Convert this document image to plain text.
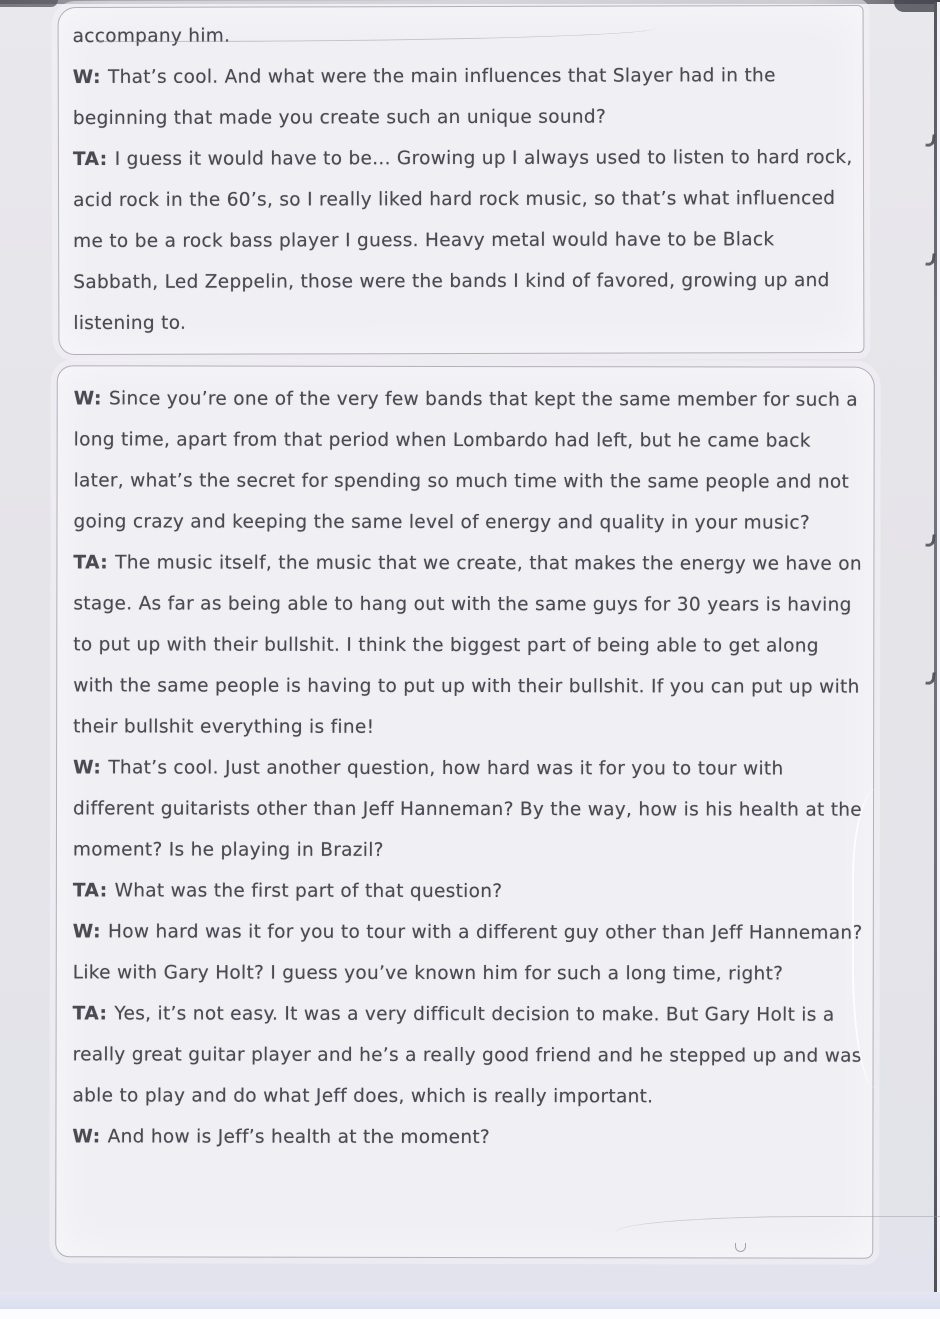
accompany him.

W: That’s cool. And what were the main influences that Slayer had in the beginning that made you create such an unique sound?

TA: I guess it would have to be... Growing up I always used to listen to hard rock, acid rock in the 60’s, so I really liked hard rock music, so that’s what influenced me to be a rock bass player I guess. Heavy metal would have to be Black Sabbath, Led Zeppelin, those were the bands I kind of favored, growing up and listening to.

W: Since you’re one of the very few bands that kept the same member for such a long time, apart from that period when Lombardo had left, but he came back later, what’s the secret for spending so much time with the same people and not going crazy and keeping the same level of energy and quality in your music?

TA: The music itself, the music that we create, that makes the energy we have on stage. As far as being able to hang out with the same guys for 30 years is having to put up with their bullshit. I think the biggest part of being able to get along with the same people is having to put up with their bullshit. If you can put up with their bullshit everything is fine!

W: That’s cool. Just another question, how hard was it for you to tour with different guitarists other than Jeff Hanneman? By the way, how is his health at the moment? Is he playing in Brazil?

TA: What was the first part of that question?

W: How hard was it for you to tour with a different guy other than Jeff Hanneman? Like with Gary Holt? I guess you’ve known him for such a long time, right?

TA: Yes, it’s not easy. It was a very difficult decision to make. But Gary Holt is a really great guitar player and he’s a really good friend and he stepped up and was able to play and do what Jeff does, which is really important.

W: And how is Jeff’s health at the moment?
